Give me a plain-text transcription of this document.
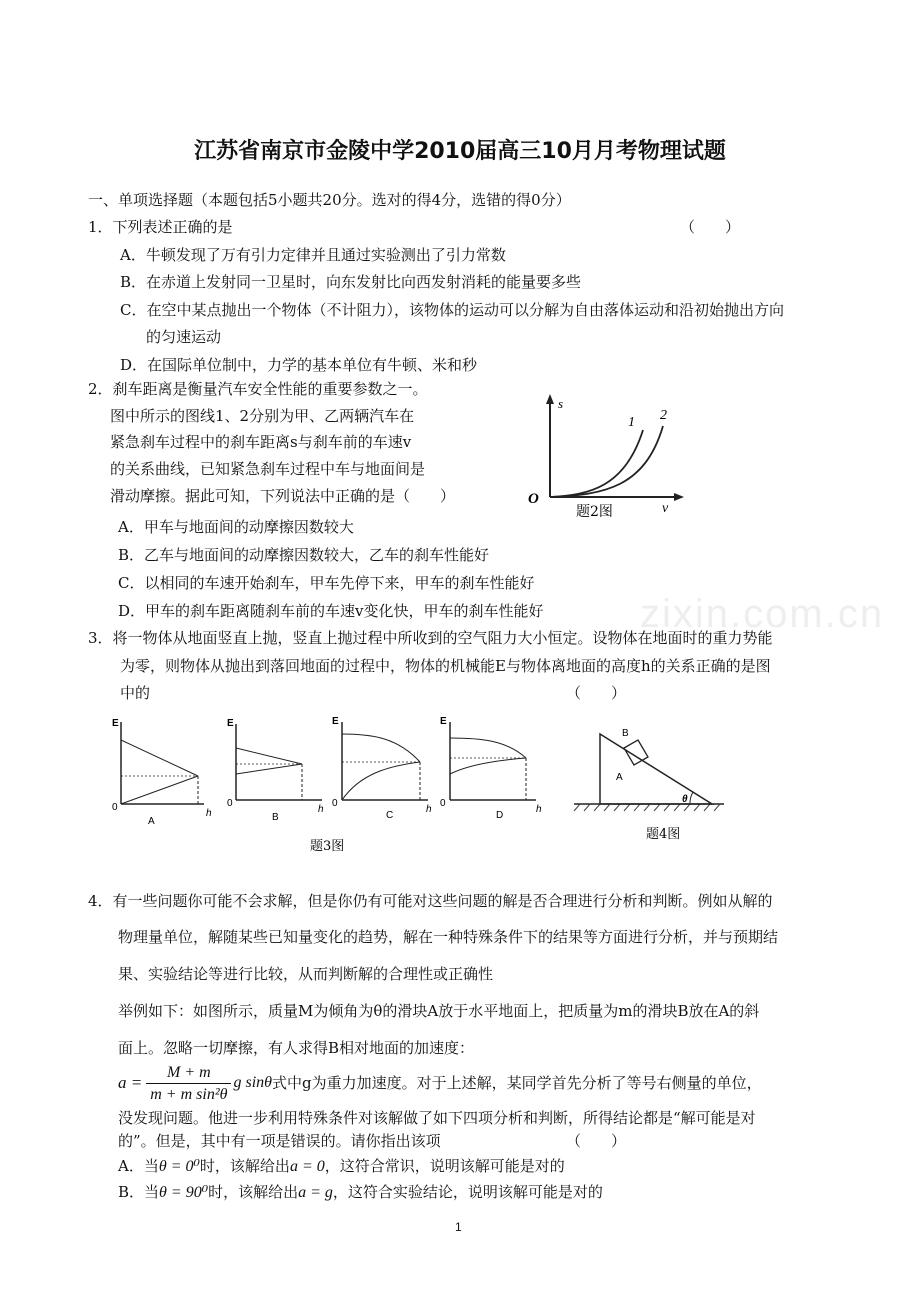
zixin.com.cn
江苏省南京市金陵中学2010届高三10月月考物理试题
一、单项选择题（本题包括5小题共20分。选对的得4分，选错的得0分）
1．下列表述正确的是	（　　）
A．牛顿发现了万有引力定律并且通过实验测出了引力常数
B．在赤道上发射同一卫星时，向东发射比向西发射消耗的能量要多些
C．在空中某点抛出一个物体（不计阻力），该物体的运动可以分解为自由落体运动和沿初始抛出方向
的匀速运动
D．在国际单位制中，力学的基本单位有牛顿、米和秒
2．刹车距离是衡量汽车安全性能的重要参数之一。
图中所示的图线1、2分别为甲、乙两辆汽车在
紧急刹车过程中的刹车距离s与刹车前的车速v
的关系曲线，已知紧急刹车过程中车与地面间是
滑动摩擦。据此可知，下列说法中正确的是（　　）
A．甲车与地面间的动摩擦因数较大
B．乙车与地面间的动摩擦因数较大，乙车的刹车性能好
C．以相同的车速开始刹车，甲车先停下来，甲车的刹车性能好
D．甲车的刹车距离随刹车前的车速v变化快，甲车的刹车性能好
s
v
O
1 2
题2图
3．将一物体从地面竖直上抛，竖直上抛过程中所收到的空气阻力大小恒定。设物体在地面时的重力势能
为零，则物体从抛出到落回地面的过程中，物体的机械能E与物体离地面的高度h的关系正确的是图
中的	（　　）
E
0
h
A
E
0
h
B
E
0
h
C
E
0
h
D
题3图
B
A
θ
题4图
4．有一些问题你可能不会求解，但是你仍有可能对这些问题的解是否合理进行分析和判断。例如从解的
物理量单位，解随某些已知量变化的趋势，解在一种特殊条件下的结果等方面进行分析，并与预期结
果、实验结论等进行比较，从而判断解的合理性或正确性
举例如下：如图所示，质量M为倾角为θ的滑块A放于水平地面上，把质量为m的滑块B放在A的斜
面上。忽略一切摩擦，有人求得B相对地面的加速度：
$a = \frac{M + m}{\text{m + m sin²θ}}$ g sinθ 式中g为重力加速度。对于上述解，某同学首先分析了等号右侧量的单位，
没发现问题。他进一步利用特殊条件对该解做了如下四项分析和判断，所得结论都是“解可能是对
的”。但是，其中有一项是错误的。请你指出该项	（　　）
A．当θ = 0⁰时，该解给出a = 0，这符合常识，说明该解可能是对的
B．当θ = 90⁰时，该解给出a = g，这符合实验结论，说明该解可能是对的
1
